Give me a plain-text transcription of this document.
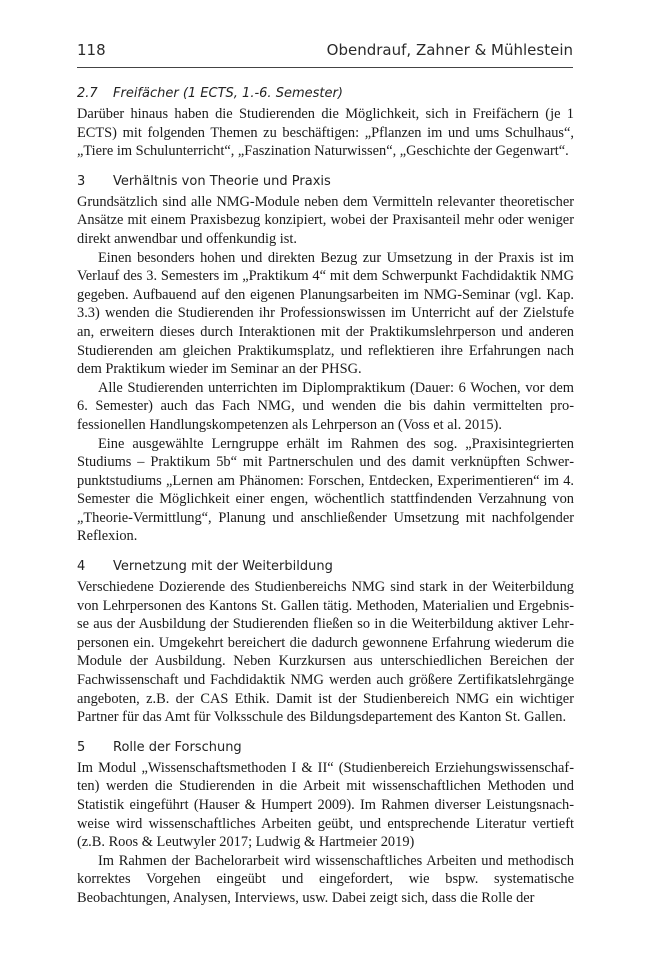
118	Obendrauf, Zahner & Mühlestein
2.7	Freifächer (1 ECTS, 1.-6. Semester)

Darüber hinaus haben die Studierenden die Möglichkeit, sich in Freifächern (je 1 ECTS) mit folgenden Themen zu beschäftigen: „Pflanzen im und ums Schulhaus“, „Tiere im Schulunterricht“, „Faszination Naturwissen“, „Geschichte der Gegenwart“.

3	Verhältnis von Theorie und Praxis

Grundsätzlich sind alle NMG-Module neben dem Vermitteln relevanter theoretischer Ansätze mit einem Praxisbezug konzipiert, wobei der Praxisanteil mehr oder weniger direkt anwendbar und offenkundig ist.

Einen besonders hohen und direkten Bezug zur Umsetzung in der Praxis ist im Verlauf des 3. Semesters im „Praktikum 4“ mit dem Schwerpunkt Fachdidaktik NMG gegeben. Aufbauend auf den eigenen Planungsarbeiten im NMG-Seminar (vgl. Kap. 3.3) wenden die Studierenden ihr Professionswissen im Unterricht auf der Zielstufe an, erweitern dieses durch Interaktionen mit der Praktikumslehrperson und anderen Studierenden am gleichen Praktikumsplatz, und reflektieren ihre Erfahrungen nach dem Praktikum wieder im Seminar an der PHSG.

Alle Studierenden unterrichten im Diplompraktikum (Dauer: 6 Wochen, vor dem 6. Semester) auch das Fach NMG, und wenden die bis dahin vermittelten professionellen Handlungskompetenzen als Lehrperson an (Voss et al. 2015).

Eine ausgewählte Lerngruppe erhält im Rahmen des sog. „Praxisintegrierten Studiums – Praktikum 5b“ mit Partnerschulen und des damit verknüpften Schwerpunktstudiums „Lernen am Phänomen: Forschen, Entdecken, Experimentieren“ im 4. Semester die Möglichkeit einer engen, wöchentlich stattfindenden Verzahnung von „Theorie-Vermittlung“, Planung und anschließender Umsetzung mit nachfolgender Reflexion.

4	Vernetzung mit der Weiterbildung

Verschiedene Dozierende des Studienbereichs NMG sind stark in der Weiterbildung von Lehrpersonen des Kantons St. Gallen tätig. Methoden, Materialien und Ergebnisse aus der Ausbildung der Studierenden fließen so in die Weiterbildung aktiver Lehrpersonen ein. Umgekehrt bereichert die dadurch gewonnene Erfahrung wiederum die Module der Ausbildung. Neben Kurzkursen aus unterschiedlichen Bereichen der Fachwissenschaft und Fachdidaktik NMG werden auch größere Zertifikatslehrgänge angeboten, z.B. der CAS Ethik. Damit ist der Studienbereich NMG ein wichtiger Partner für das Amt für Volksschule des Bildungsdepartement des Kanton St. Gallen.

5	Rolle der Forschung

Im Modul „Wissenschaftsmethoden I & II“ (Studienbereich Erziehungswissenschaften) werden die Studierenden in die Arbeit mit wissenschaftlichen Methoden und Statistik eingeführt (Hauser & Humpert 2009). Im Rahmen diverser Leistungsnachweise wird wissenschaftliches Arbeiten geübt, und entsprechende Literatur vertieft (z.B. Roos & Leutwyler 2017; Ludwig & Hartmeier 2019)

Im Rahmen der Bachelorarbeit wird wissenschaftliches Arbeiten und methodisch korrektes Vorgehen eingeübt und eingefordert, wie bspw. systematische Beobachtungen, Analysen, Interviews, usw. Dabei zeigt sich, dass die Rolle der
